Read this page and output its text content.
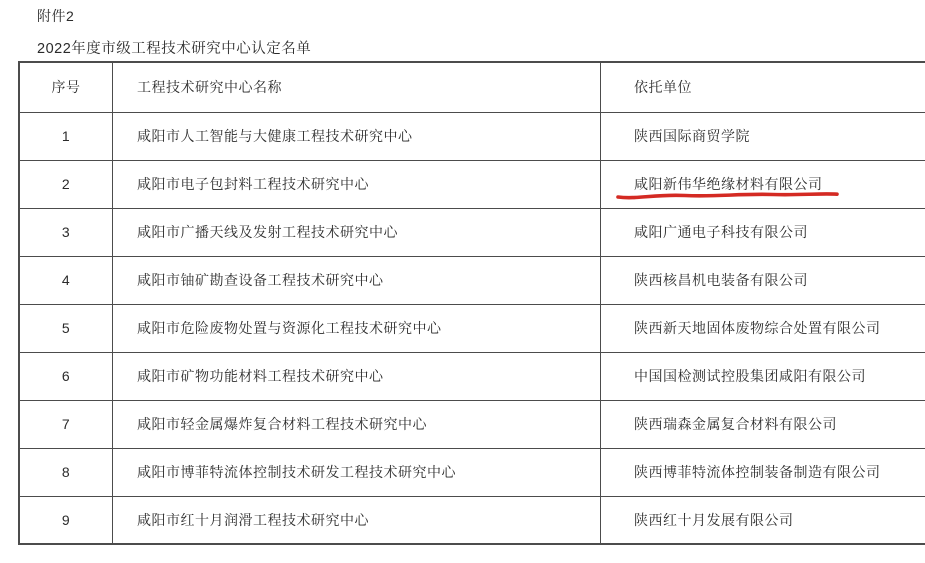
附件2
2022年度市级工程技术研究中心认定名单
序号	工程技术研究中心名称	依托单位
1	咸阳市人工智能与大健康工程技术研究中心	陕西国际商贸学院
2	咸阳市电子包封料工程技术研究中心	咸阳新伟华绝缘材料有限公司

3	咸阳市广播天线及发射工程技术研究中心	咸阳广通电子科技有限公司
4	咸阳市铀矿勘查设备工程技术研究中心	陕西核昌机电装备有限公司
5	咸阳市危险废物处置与资源化工程技术研究中心	陕西新天地固体废物综合处置有限公司
6	咸阳市矿物功能材料工程技术研究中心	中国国检测试控股集团咸阳有限公司
7	咸阳市轻金属爆炸复合材料工程技术研究中心	陕西瑞森金属复合材料有限公司
8	咸阳市博菲特流体控制技术研发工程技术研究中心	陕西博菲特流体控制装备制造有限公司
9	咸阳市红十月润滑工程技术研究中心	陕西红十月发展有限公司
